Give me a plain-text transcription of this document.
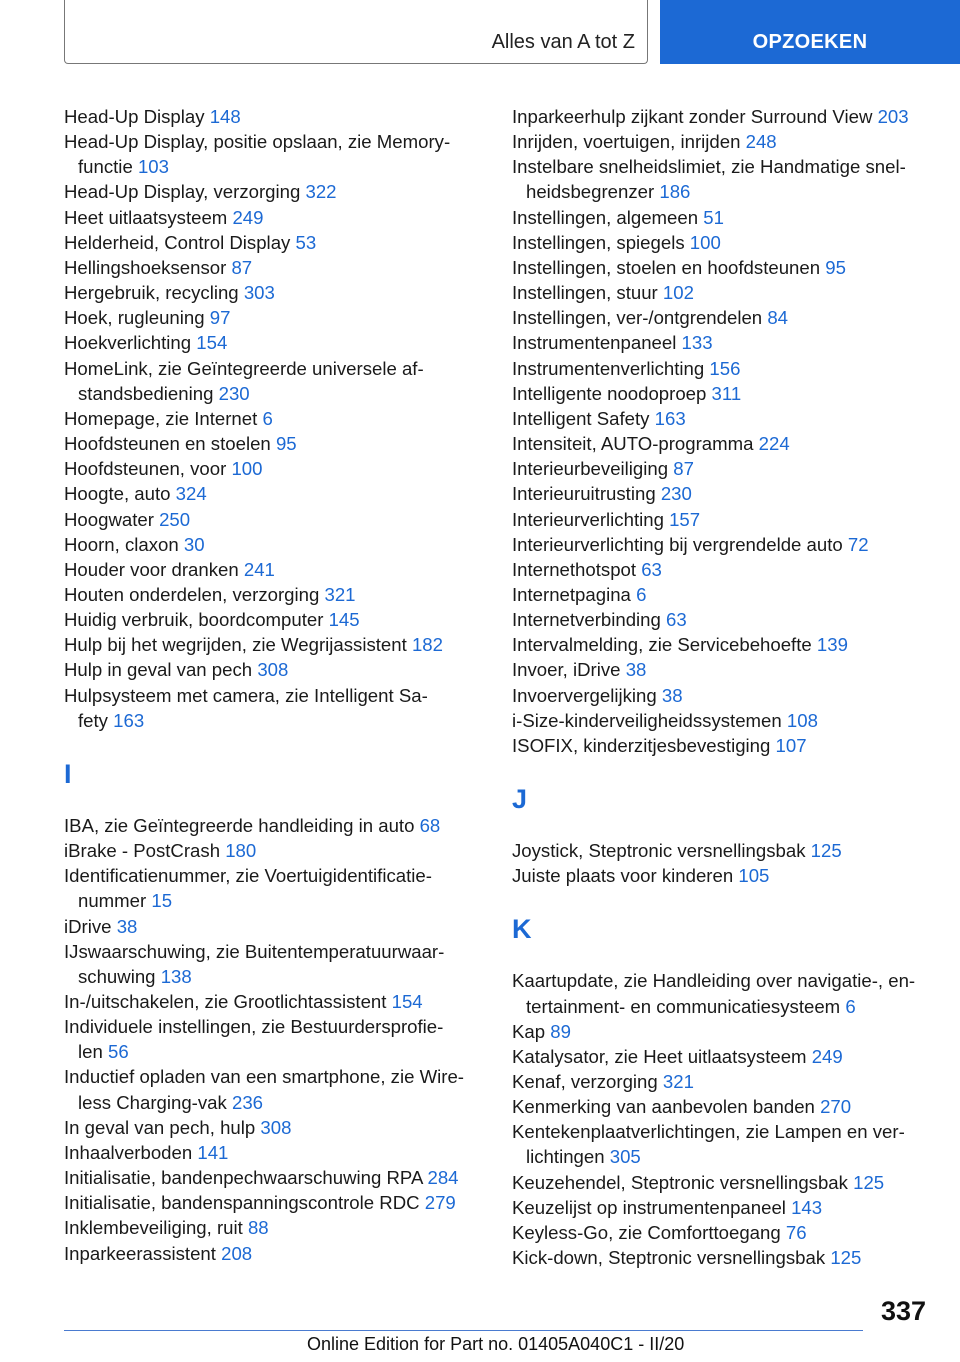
Alles van A tot Z	OPZOEKEN
Head-Up Display 148
Head-Up Display, positie opslaan, zie Memory-
functie 103
Head-Up Display, verzorging 322
Heet uitlaatsysteem 249
Helderheid, Control Display 53
Hellingshoeksensor 87
Hergebruik, recycling 303
Hoek, rugleuning 97
Hoekverlichting 154
HomeLink, zie Geïntegreerde universele af-
standsbediening 230
Homepage, zie Internet 6
Hoofdsteunen en stoelen 95
Hoofdsteunen, voor 100
Hoogte, auto 324
Hoogwater 250
Hoorn, claxon 30
Houder voor dranken 241
Houten onderdelen, verzorging 321
Huidig verbruik, boordcomputer 145
Hulp bij het wegrijden, zie Wegrijassistent 182
Hulp in geval van pech 308
Hulpsysteem met camera, zie Intelligent Sa-
fety 163
I
IBA, zie Geïntegreerde handleiding in auto 68
iBrake - PostCrash 180
Identificatienummer, zie Voertuigidentificatie-
nummer 15
iDrive 38
IJswaarschuwing, zie Buitentemperatuurwaar-
schuwing 138
In-/uitschakelen, zie Grootlichtassistent 154
Individuele instellingen, zie Bestuurdersprofie-
len 56
Inductief opladen van een smartphone, zie Wire-
less Charging-vak 236
In geval van pech, hulp 308
Inhaalverboden 141
Initialisatie, bandenpechwaarschuwing RPA 284
Initialisatie, bandenspanningscontrole RDC 279
Inklembeveiliging, ruit 88
Inparkeerassistent 208
Inparkeerhulp zijkant zonder Surround View 203
Inrijden, voertuigen, inrijden 248
Instelbare snelheidslimiet, zie Handmatige snel-
heidsbegrenzer 186
Instellingen, algemeen 51
Instellingen, spiegels 100
Instellingen, stoelen en hoofdsteunen 95
Instellingen, stuur 102
Instellingen, ver-/ontgrendelen 84
Instrumentenpaneel 133
Instrumentenverlichting 156
Intelligente noodoproep 311
Intelligent Safety 163
Intensiteit, AUTO-programma 224
Interieurbeveiliging 87
Interieuruitrusting 230
Interieurverlichting 157
Interieurverlichting bij vergrendelde auto 72
Internethotspot 63
Internetpagina 6
Internetverbinding 63
Intervalmelding, zie Servicebehoefte 139
Invoer, iDrive 38
Invoervergelijking 38
i-Size-kinderveiligheidssystemen 108
ISOFIX, kinderzitjesbevestiging 107
J
Joystick, Steptronic versnellingsbak 125
Juiste plaats voor kinderen 105
K
Kaartupdate, zie Handleiding over navigatie-, en-
tertainment- en communicatiesysteem 6
Kap 89
Katalysator, zie Heet uitlaatsysteem 249
Kenaf, verzorging 321
Kenmerking van aanbevolen banden 270
Kentekenplaatverlichtingen, zie Lampen en ver-
lichtingen 305
Keuzehendel, Steptronic versnellingsbak 125
Keuzelijst op instrumentenpaneel 143
Keyless-Go, zie Comforttoegang 76
Kick-down, Steptronic versnellingsbak 125
337
Online Edition for Part no. 01405A040C1 - II/20
